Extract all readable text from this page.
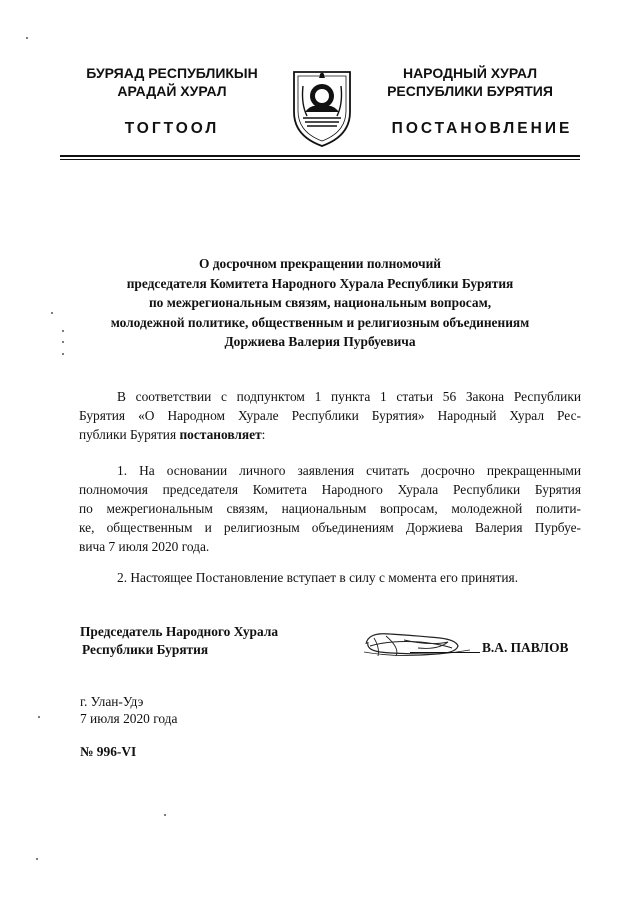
БУРЯАД РЕСПУБЛИКЫН
АРАДАЙ ХУРАЛ
ТОГТООЛ
НАРОДНЫЙ ХУРАЛ
РЕСПУБЛИКИ БУРЯТИЯ
ПОСТАНОВЛЕНИЕ
О досрочном прекращении полномочий
председателя Комитета Народного Хурала Республики Бурятия
по межрегиональным связям, национальным вопросам,
молодежной политике, общественным и религиозным объединениям
Доржиева Валерия Пурбуевича
В соответствии с подпунктом 1 пункта 1 статьи 56 Закона Республики
Бурятия «О Народном Хурале Республики Бурятия» Народный Хурал Рес-
публики Бурятия постановляет:
1. На основании личного заявления считать досрочно прекращенными
полномочия председателя Комитета Народного Хурала Республики Бурятия
по межрегиональным связям, национальным вопросам, молодежной полити-
ке, общественным и религиозным объединениям Доржиева Валерия Пурбуе-
вича 7 июля 2020 года.
2. Настоящее Постановление вступает в силу с момента его принятия.
Председатель Народного Хурала
Республики Бурятия	В.А. ПАВЛОВ
г. Улан-Удэ
7 июля 2020 года
№ 996-VI
